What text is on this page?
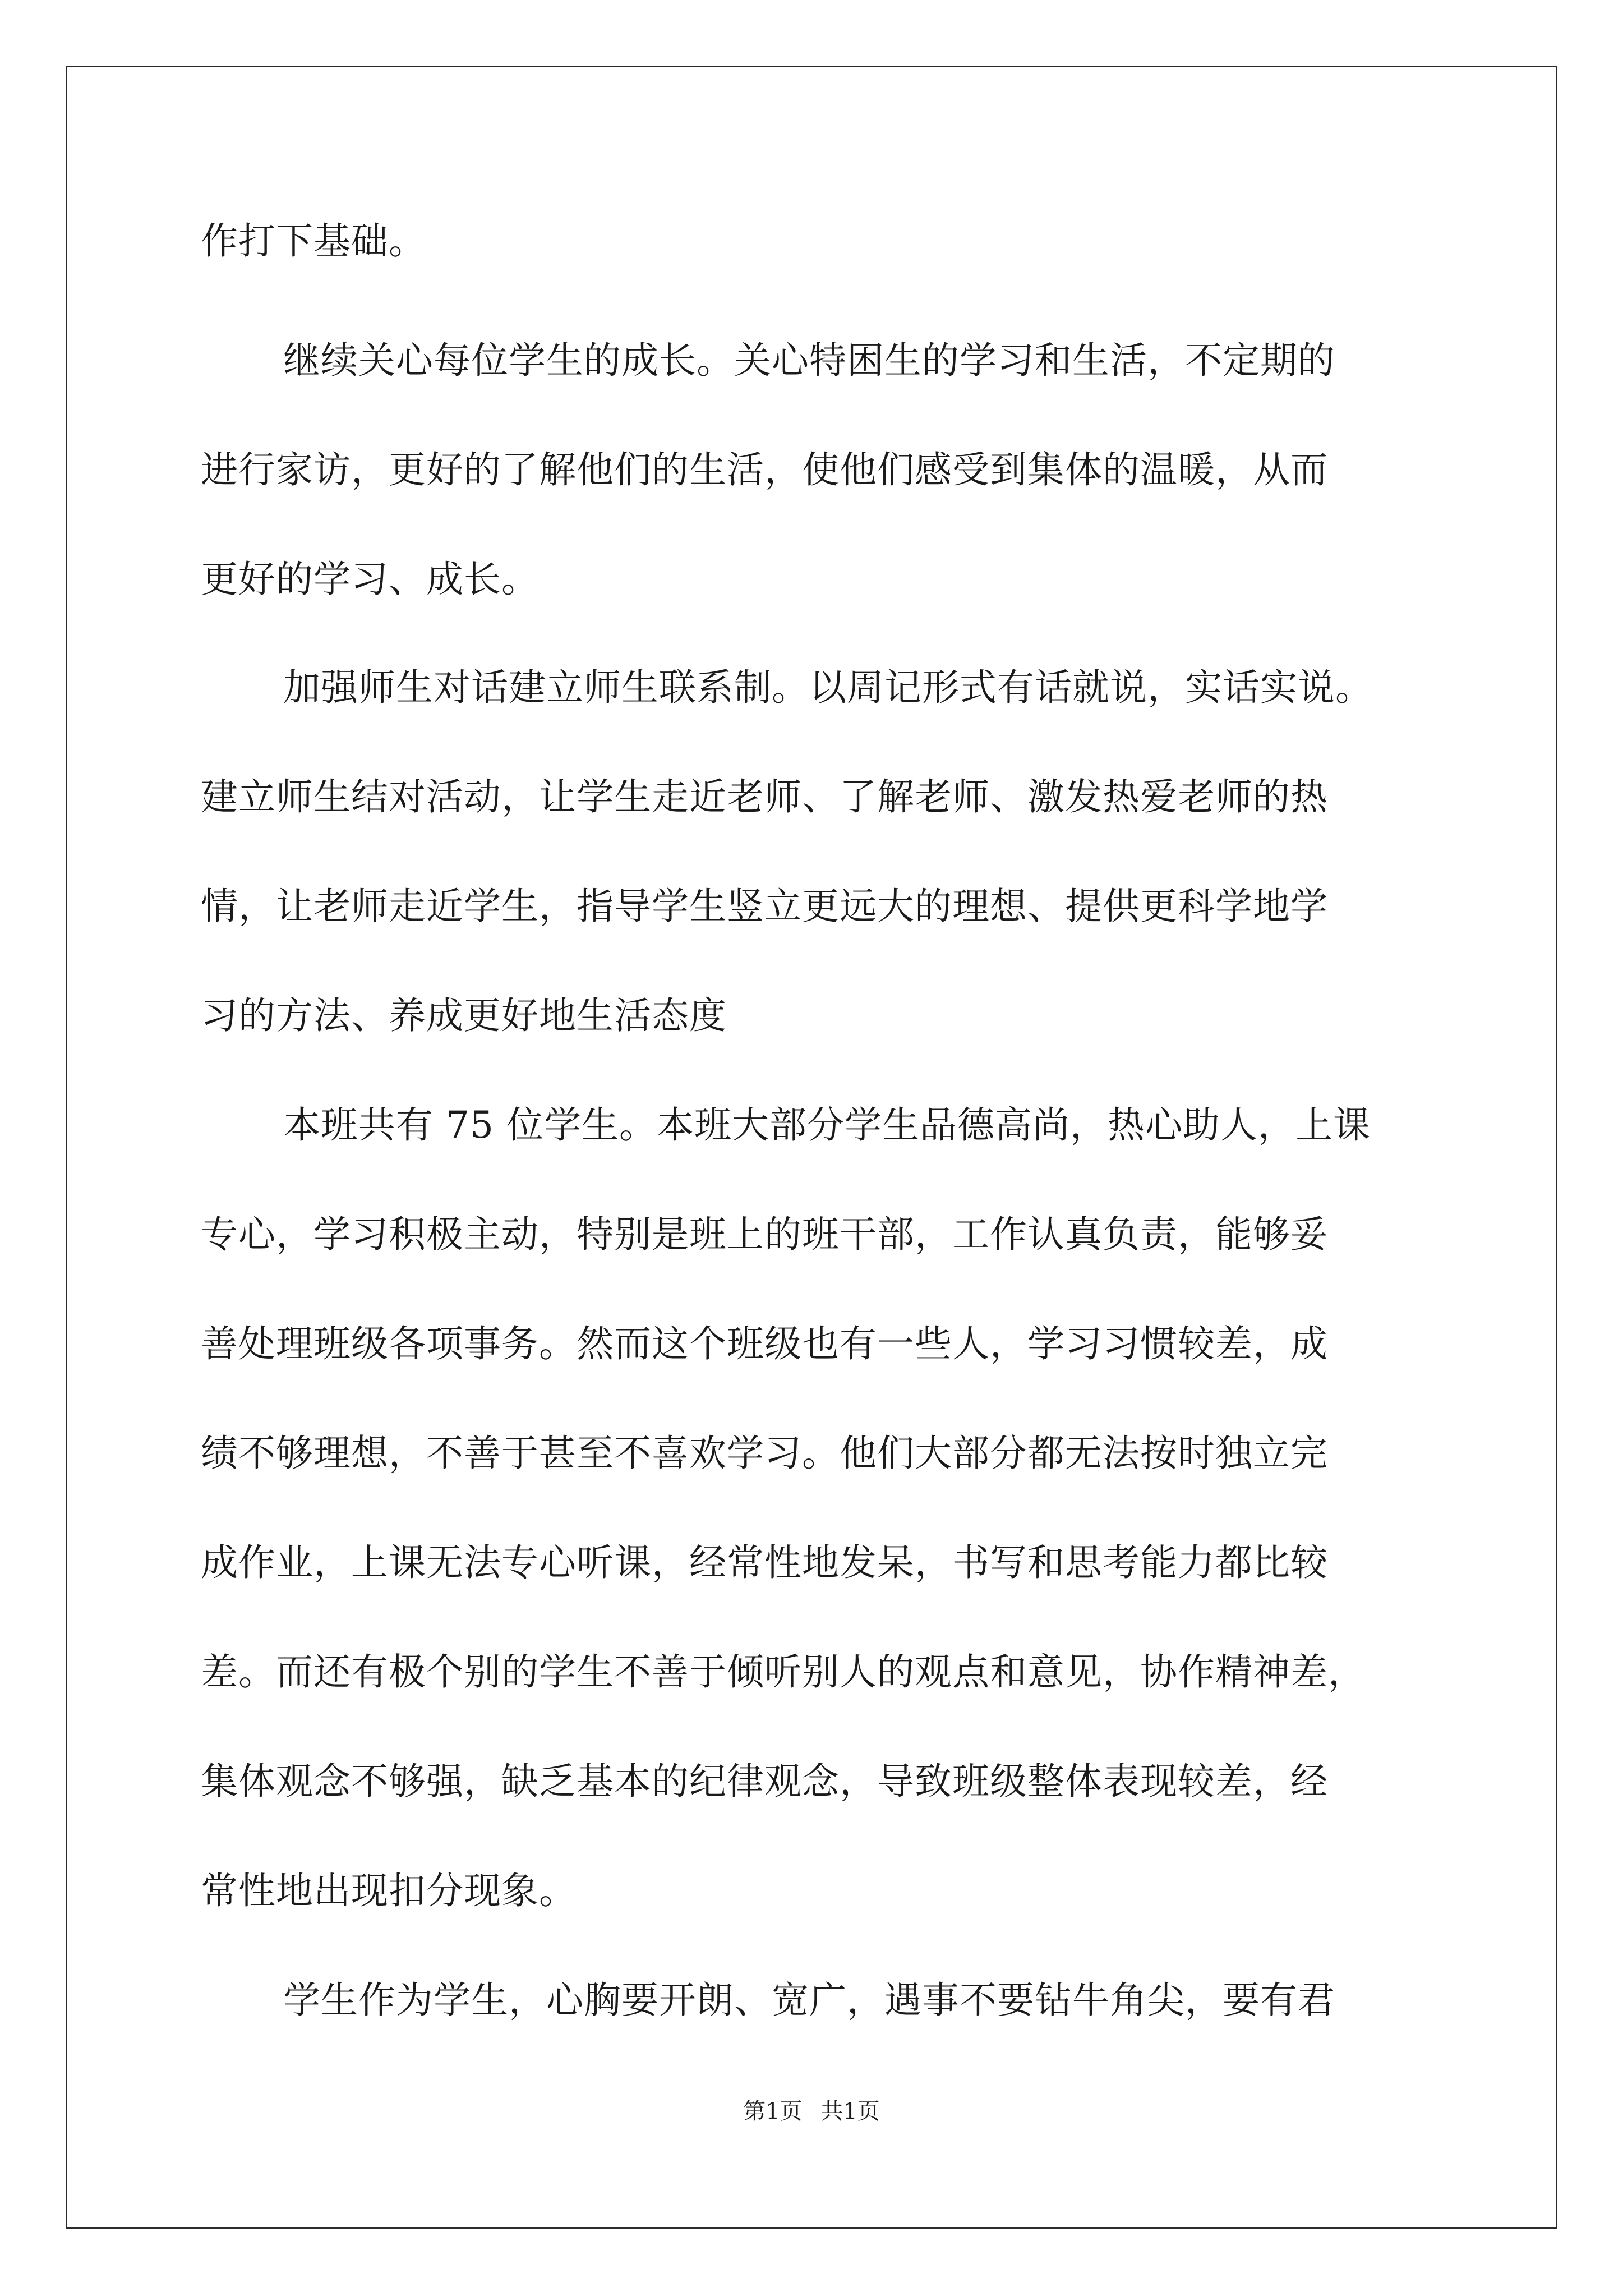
作打下基础。
继续关心每位学生的成长。关心特困生的学习和生活，不定期的
进行家访，更好的了解他们的生活，使他们感受到集体的温暖，从而
更好的学习、成长。
加强师生对话建立师生联系制。以周记形式有话就说，实话实说。
建立师生结对活动，让学生走近老师、了解老师、激发热爱老师的热
情，让老师走近学生，指导学生竖立更远大的理想、提供更科学地学
习的方法、养成更好地生活态度
本班共有 75 位学生。本班大部分学生品德高尚，热心助人，上课
专心，学习积极主动，特别是班上的班干部，工作认真负责，能够妥
善处理班级各项事务。然而这个班级也有一些人，学习习惯较差，成
绩不够理想，不善于甚至不喜欢学习。他们大部分都无法按时独立完
成作业，上课无法专心听课，经常性地发呆，书写和思考能力都比较
差。而还有极个别的学生不善于倾听别人的观点和意见，协作精神差，
集体观念不够强，缺乏基本的纪律观念，导致班级整体表现较差，经
常性地出现扣分现象。
学生作为学生，心胸要开朗、宽广，遇事不要钻牛角尖，要有君
第1页 共1页
